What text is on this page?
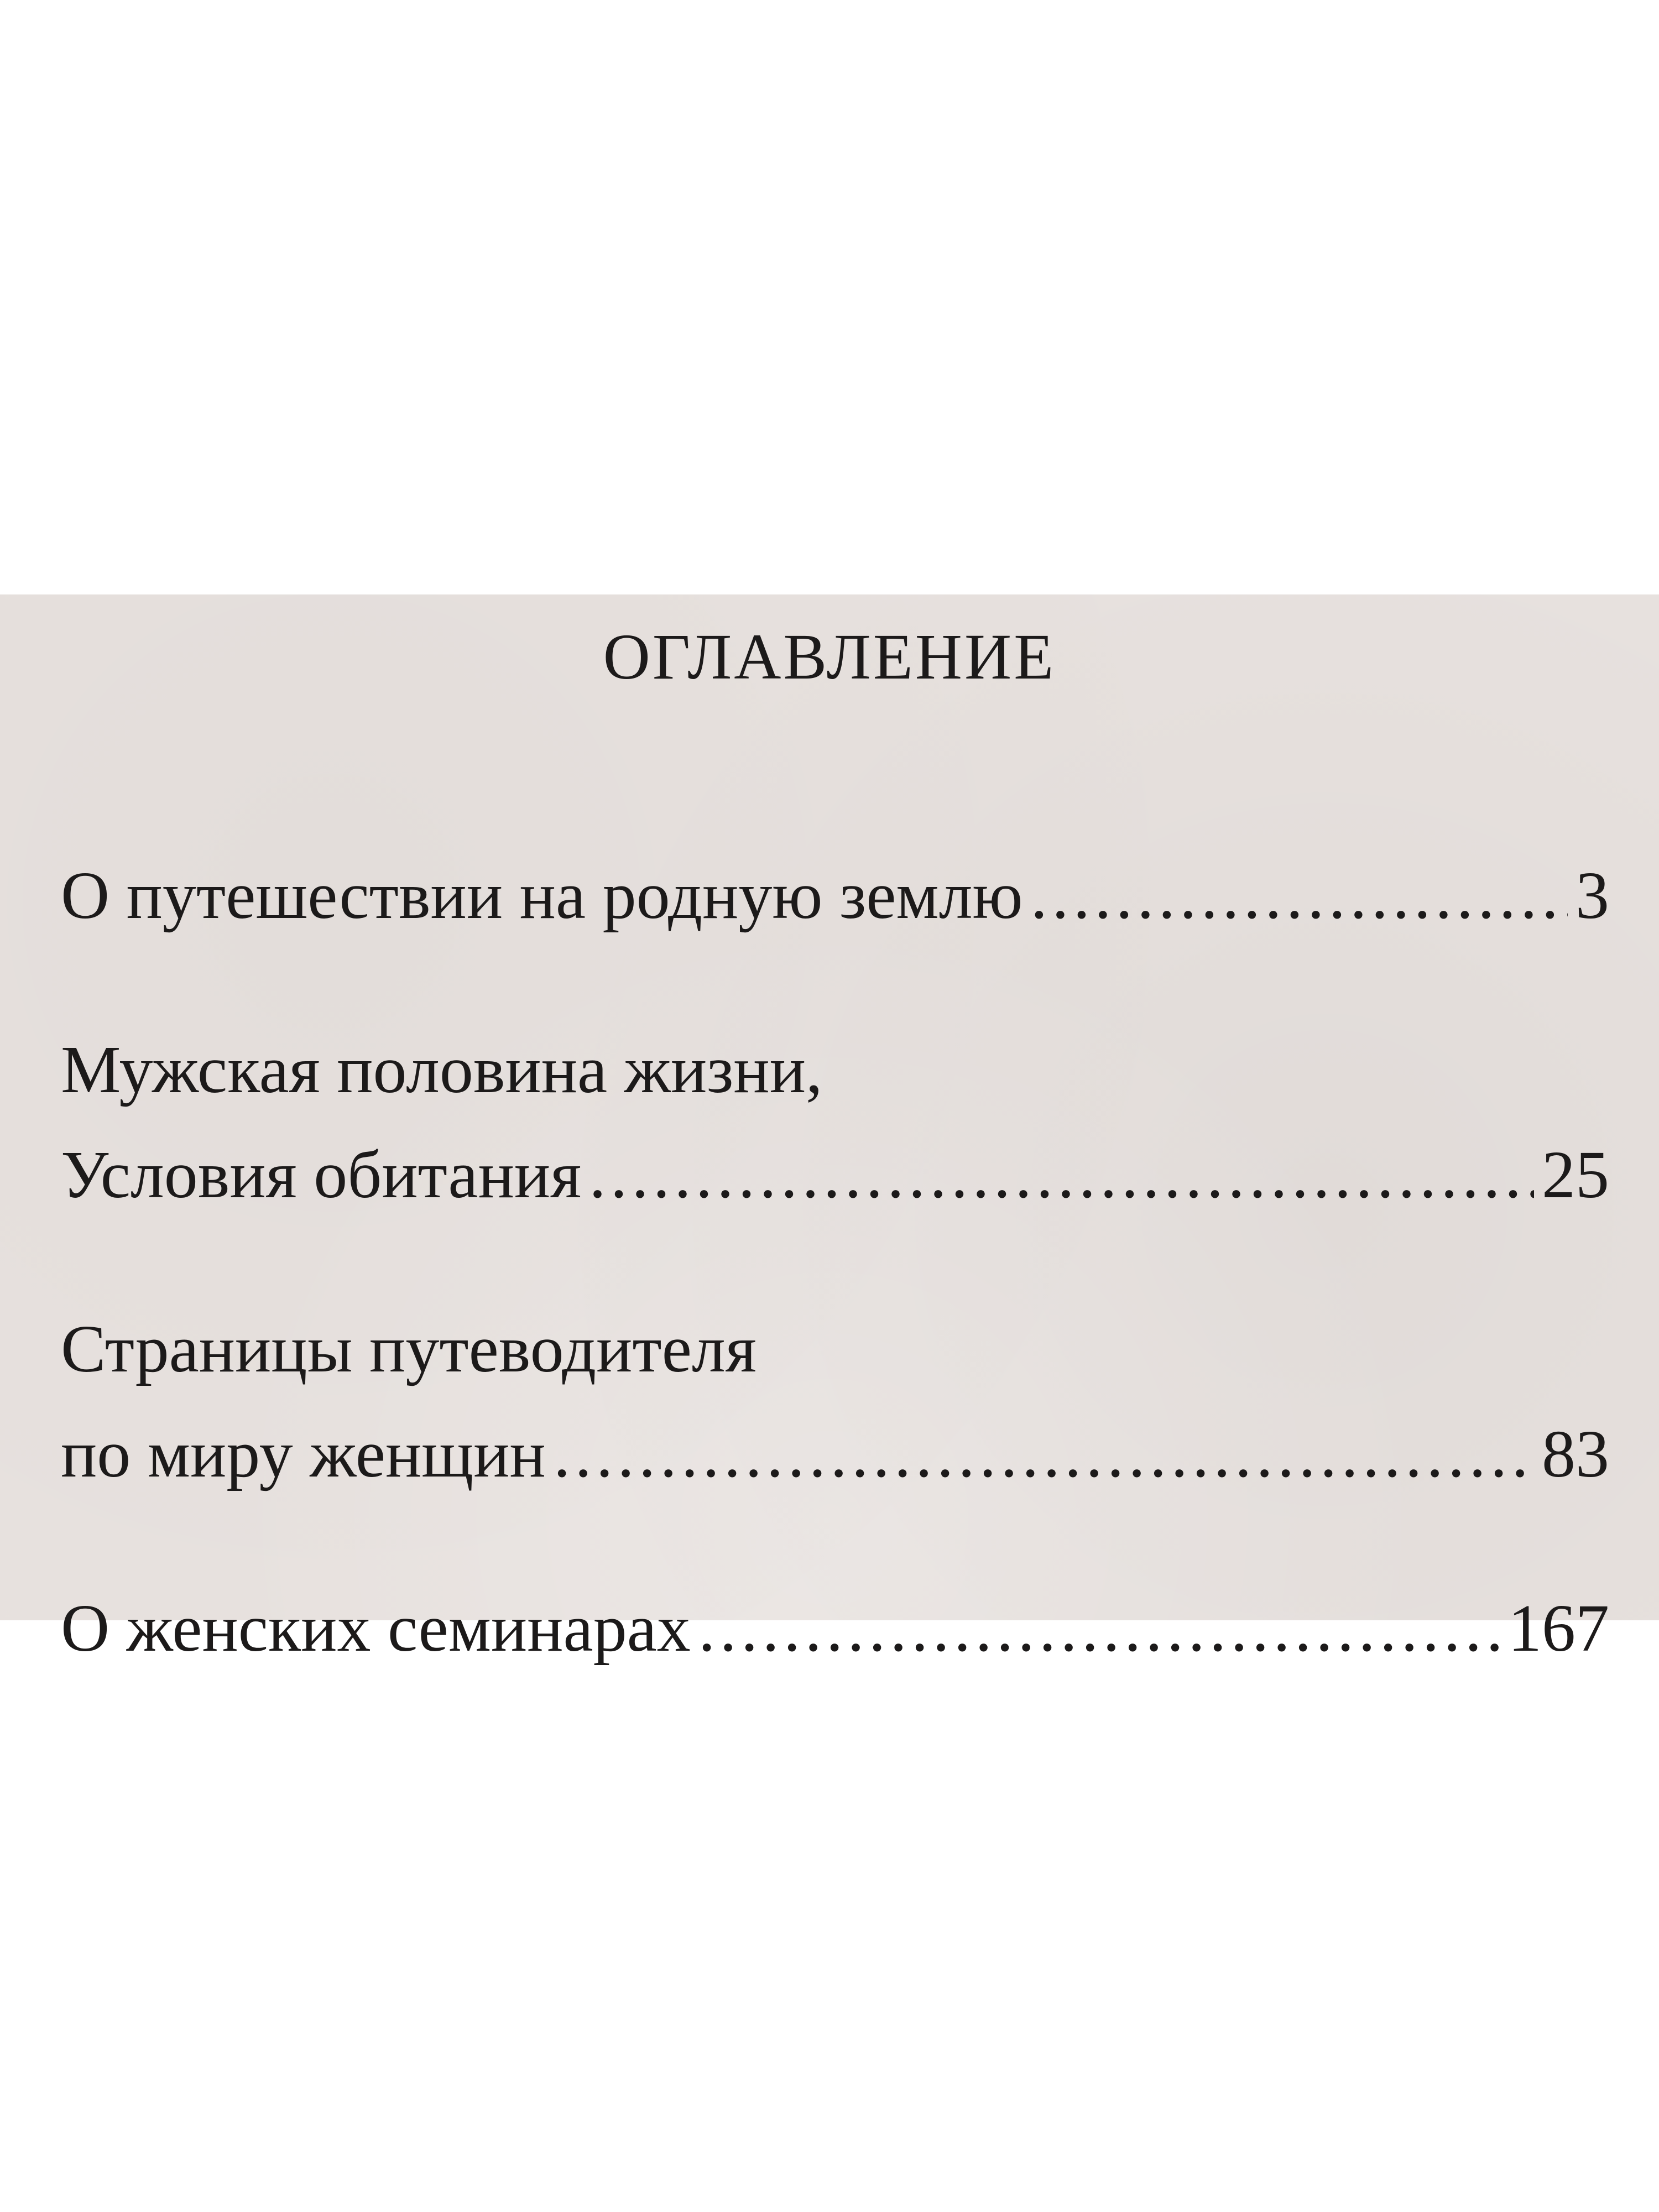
ОГЛАВЛЕНИЕ
О путешествии на родную землю .....	3
Мужская половина жизни,
Условия обитания .....	25
Страницы путеводителя
по миру женщин .....	83
О женских семинарах .....	167
